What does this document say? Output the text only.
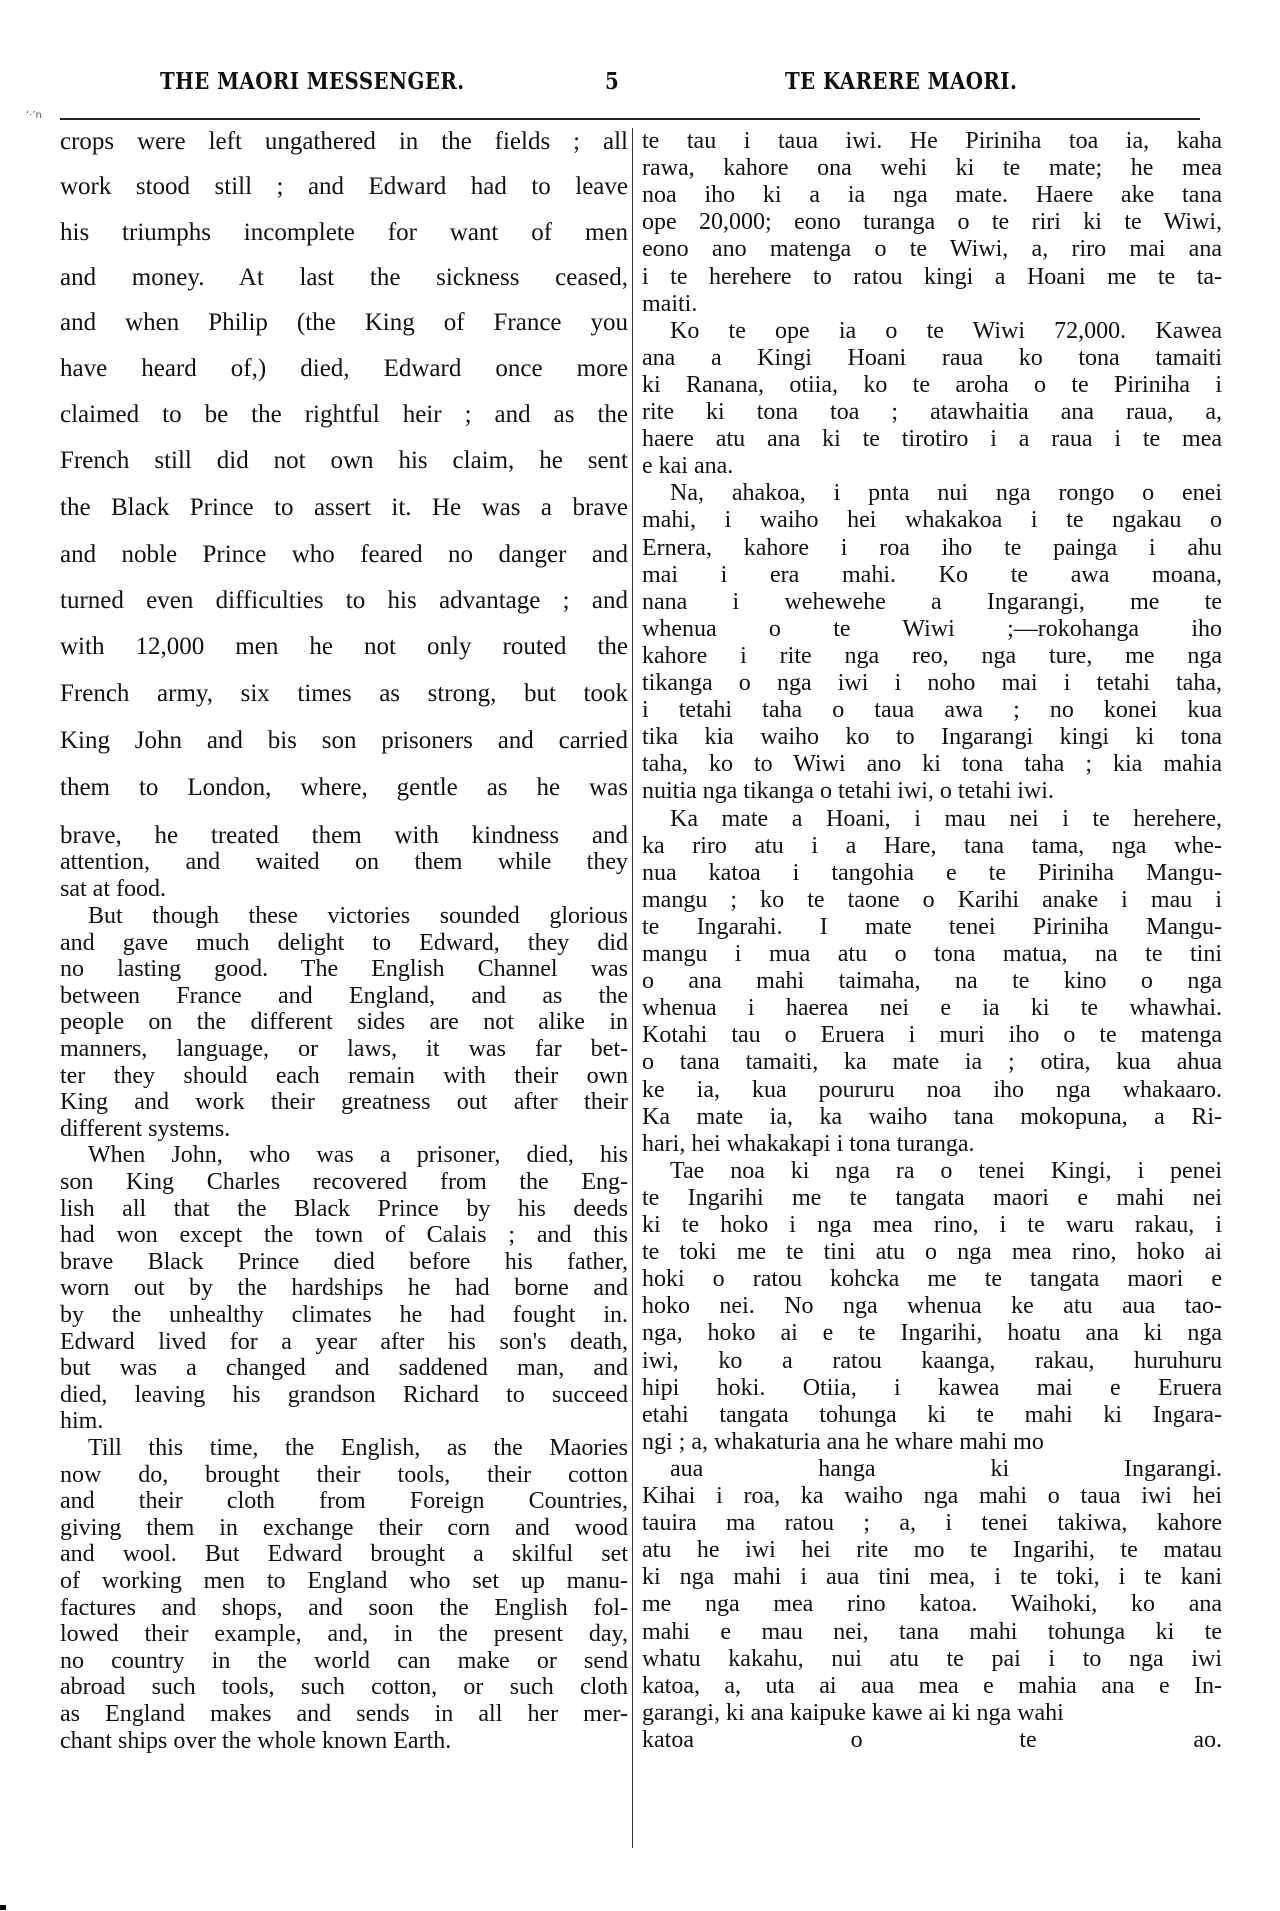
THE MAORI MESSENGER.	5	TE KARERE MAORI.
ʻ·ʼn
crops were left ungathered in the fields ; all
work stood still ; and Edward had to leave
his triumphs incomplete for want of men
and money. At last the sickness ceased,
and when Philip (the King of France you
have heard of,) died, Edward once more
claimed to be the rightful heir ; and as the
French still did not own his claim, he sent
the Black Prince to assert it. He was a brave
and noble Prince who feared no danger and
turned even difficulties to his advantage ; and
with 12,000 men he not only routed the
French army, six times as strong, but took
King John and bis son prisoners and carried
them to London, where, gentle as he was
brave, he treated them with kindness and
attention, and waited on them while they
sat at food.
But though these victories sounded glorious
and gave much delight to Edward, they did
no lasting good. The English Channel was
between France and England, and as the
people on the different sides are not alike in
manners, language, or laws, it was far bet-
ter they should each remain with their own
King and work their greatness out after their
different systems.
When John, who was a prisoner, died, his
son King Charles recovered from the Eng-
lish all that the Black Prince by his deeds
had won except the town of Calais ; and this
brave Black Prince died before his father,
worn out by the hardships he had borne and
by the unhealthy climates he had fought in.
Edward lived for a year after his son's death,
but was a changed and saddened man, and
died, leaving his grandson Richard to succeed
him.
Till this time, the English, as the Maories
now do, brought their tools, their cotton
and their cloth from Foreign Countries,
giving them in exchange their corn and wood
and wool. But Edward brought a skilful set
of working men to England who set up manu-
factures and shops, and soon the English fol-
lowed their example, and, in the present day,
no country in the world can make or send
abroad such tools, such cotton, or such cloth
as England makes and sends in all her mer-
chant ships over the whole known Earth.
te tau i taua iwi. He Piriniha toa ia, kaha
rawa, kahore ona wehi ki te mate; he mea
noa iho ki a ia nga mate. Haere ake tana
ope 20,000; eono turanga o te riri ki te Wiwi,
eono ano matenga o te Wiwi, a, riro mai ana
i te herehere to ratou kingi a Hoani me te ta-
maiti.
Ko te ope ia o te Wiwi 72,000. Kawea
ana a Kingi Hoani raua ko tona tamaiti
ki Ranana, otiia, ko te aroha o te Piriniha i
rite ki tona toa ; atawhaitia ana raua, a,
haere atu ana ki te tirotiro i a raua i te mea
e kai ana.
Na, ahakoa, i pnta nui nga rongo o enei
mahi, i waiho hei whakakoa i te ngakau o
Ernera, kahore i roa iho te painga i ahu
mai i era mahi. Ko te awa moana,
nana i wehewehe a Ingarangi, me te
whenua o te Wiwi ;—rokohanga iho
kahore i rite nga reo, nga ture, me nga
tikanga o nga iwi i noho mai i tetahi taha,
i tetahi taha o taua awa ; no konei kua
tika kia waiho ko to Ingarangi kingi ki tona
taha, ko to Wiwi ano ki tona taha ; kia mahia
nuitia nga tikanga o tetahi iwi, o tetahi iwi.
Ka mate a Hoani, i mau nei i te herehere,
ka riro atu i a Hare, tana tama, nga whe-
nua katoa i tangohia e te Piriniha Mangu-
mangu ; ko te taone o Karihi anake i mau i
te Ingarahi. I mate tenei Piriniha Mangu-
mangu i mua atu o tona matua, na te tini
o ana mahi taimaha, na te kino o nga
whenua i haerea nei e ia ki te whawhai.
Kotahi tau o Eruera i muri iho o te matenga
o tana tamaiti, ka mate ia ; otira, kua ahua
ke ia, kua poururu noa iho nga whakaaro.
Ka mate ia, ka waiho tana mokopuna, a Ri-
hari, hei whakakapi i tona turanga.
Tae noa ki nga ra o tenei Kingi, i penei
te Ingarihi me te tangata maori e mahi nei
ki te hoko i nga mea rino, i te waru rakau, i
te toki me te tini atu o nga mea rino, hoko ai
hoki o ratou kohcka me te tangata maori e
hoko nei. No nga whenua ke atu aua tao-
nga, hoko ai e te Ingarihi, hoatu ana ki nga
iwi, ko a ratou kaanga, rakau, huruhuru
hipi hoki. Otiia, i kawea mai e Eruera
etahi tangata tohunga ki te mahi ki Ingara-
ngi ; a, whakaturia ana he whare mahi mo
aua hanga ki Ingarangi.
Kihai i roa, ka waiho nga mahi o taua iwi hei
tauira ma ratou ; a, i tenei takiwa, kahore
atu he iwi hei rite mo te Ingarihi, te matau
ki nga mahi i aua tini mea, i te toki, i te kani
me nga mea rino katoa. Waihoki, ko ana
mahi e mau nei, tana mahi tohunga ki te
whatu kakahu, nui atu te pai i to nga iwi
katoa, a, uta ai aua mea e mahia ana e In-
garangi, ki ana kaipuke kawe ai ki nga wahi
katoa o te ao.
